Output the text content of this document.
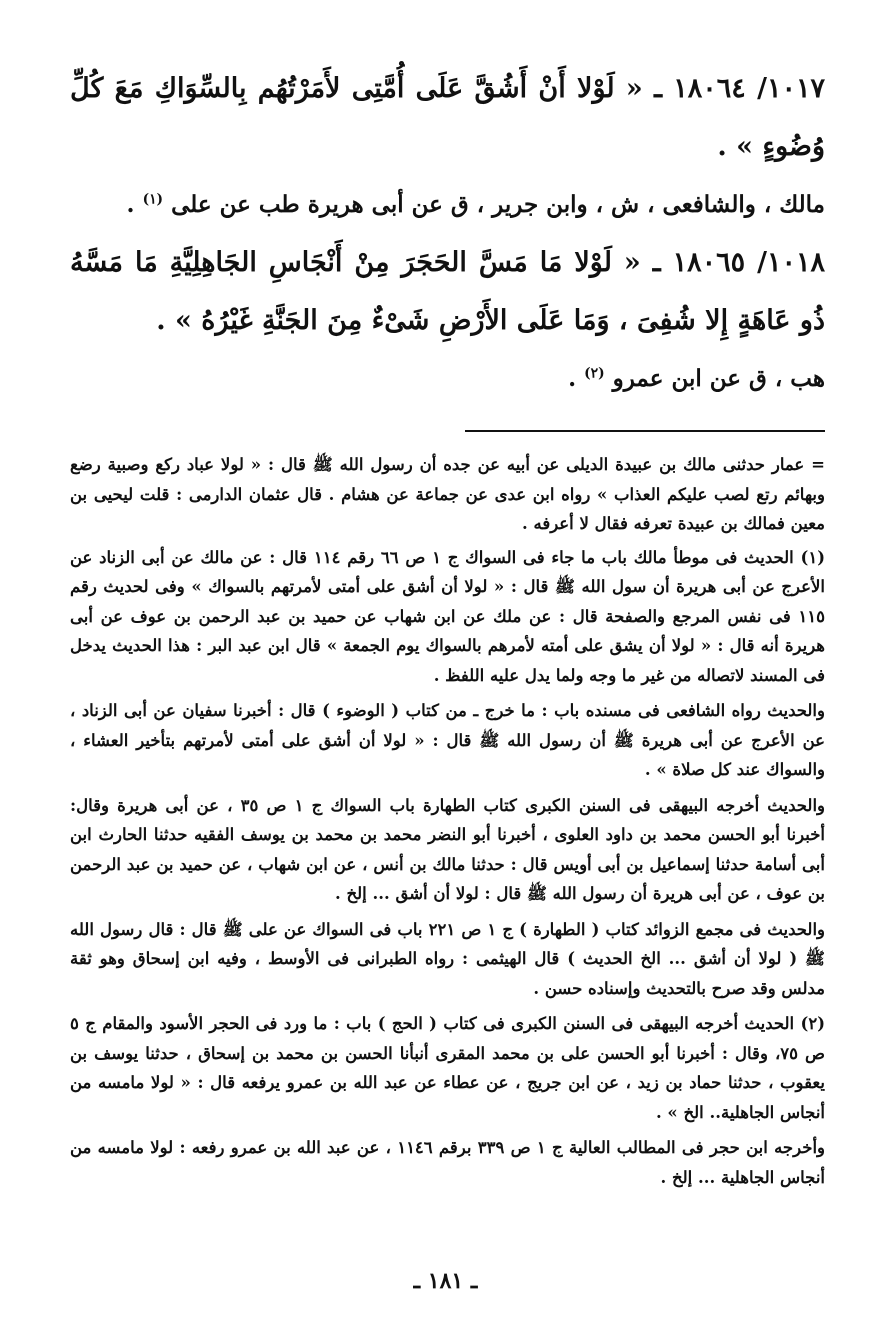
١٠١٧/ ١٨٠٦٤ ـ « لَوْلا أَنْ أَشُقَّ عَلَى أُمَّتِى لأَمَرْتُهُم بِالسِّوَاكِ مَعَ كُلِّ وُضُوءٍ » .

مالك ، والشافعى ، ش ، وابن جرير ، ق عن أبى هريرة طب عن على $^{(١)}$ .

١٠١٨/ ١٨٠٦٥ ـ « لَوْلا مَا مَسَّ الحَجَرَ مِنْ أَنْجَاسِ الجَاهِلِيَّةِ مَا مَسَّهُ ذُو عَاهَةٍ إِلا شُفِىَ ، وَمَا عَلَى الأَرْضِ شَىْءٌ مِنَ الجَنَّةِ غَيْرُهُ » .

هب ، ق عن ابن عمرو $^{(٢)}$ .

= عمار حدثنى مالك بن عبيدة الديلى عن أبيه عن جده أن رسول الله ﷺ قال : « لولا عباد ركع وصبية رضع وبهائم رتع لصب عليكم العذاب » رواه ابن عدى عن جماعة عن هشام . قال عثمان الدارمى : قلت ليحيى بن معين فمالك بن عبيدة تعرفه فقال لا أعرفه .

(١) الحديث فى موطأ مالك باب ما جاء فى السواك ج ١ ص ٦٦ رقم ١١٤ قال : عن مالك عن أبى الزناد عن الأعرج عن أبى هريرة أن سول الله ﷺ قال : « لولا أن أشق على أمتى لأمرتهم بالسواك » وفى لحديث رقم ١١٥ فى نفس المرجع والصفحة قال : عن ملك عن ابن شهاب عن حميد بن عبد الرحمن بن عوف عن أبى هريرة أنه قال : « لولا أن يشق على أمته لأمرهم بالسواك يوم الجمعة » قال ابن عبد البر : هذا الحديث يدخل فى المسند لاتصاله من غير ما وجه ولما يدل عليه اللفظ .

والحديث رواه الشافعى فى مسنده باب : ما خرج ـ من كتاب ( الوضوء ) قال : أخبرنا سفيان عن أبى الزناد ، عن الأعرج عن أبى هريرة ﷺ أن رسول الله ﷺ قال : « لولا أن أشق على أمتى لأمرتهم بتأخير العشاء ، والسواك عند كل صلاة » .

والحديث أخرجه البيهقى فى السنن الكبرى كتاب الطهارة باب السواك ج ١ ص ٣٥ ، عن أبى هريرة وقال: أخبرنا أبو الحسن محمد بن داود العلوى ، أخبرنا أبو النضر محمد بن محمد بن يوسف الفقيه حدثنا الحارث ابن أبى أسامة حدثنا إسماعيل بن أبى أويس قال : حدثنا مالك بن أنس ، عن ابن شهاب ، عن حميد بن عبد الرحمن بن عوف ، عن أبى هريرة أن رسول الله ﷺ قال : لولا أن أشق ... إلخ .

والحديث فى مجمع الزوائد كتاب ( الطهارة ) ج ١ ص ٢٢١ باب فى السواك عن على ﷺ قال : قال رسول الله ﷺ ( لولا أن أشق ... الخ الحديث ) قال الهيثمى : رواه الطبرانى فى الأوسط ، وفيه ابن إسحاق وهو ثقة مدلس وقد صرح بالتحديث وإسناده حسن .

(٢) الحديث أخرجه البيهقى فى السنن الكبرى فى كتاب ( الحج ) باب : ما ورد فى الحجر الأسود والمقام ج ٥ ص ٧٥، وقال : أخبرنا أبو الحسن على بن محمد المقرى أنبأنا الحسن بن محمد بن إسحاق ، حدثنا يوسف بن يعقوب ، حدثنا حماد بن زيد ، عن ابن جريج ، عن عطاء عن عبد الله بن عمرو يرفعه قال : « لولا مامسه من أنجاس الجاهلية.. الخ » .

وأخرجه ابن حجر فى المطالب العالية ج ١ ص ٣٣٩ برقم ١١٤٦ ، عن عبد الله بن عمرو رفعه : لولا مامسه من أنجاس الجاهلية ... إلخ .

ـ ١٨١ ـ
